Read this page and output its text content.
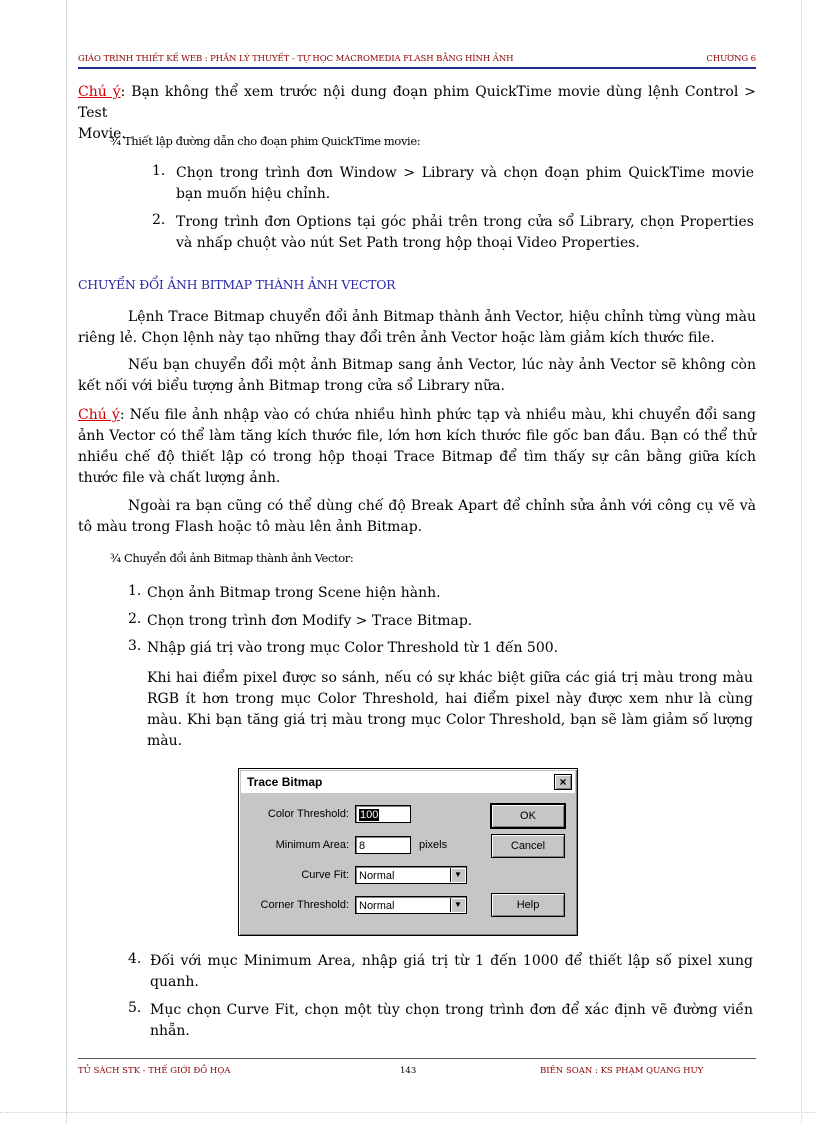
GIÁO TRÌNH THIẾT KẾ WEB : PHẦN LÝ THUYẾT - TỰ HỌC MACROMEDIA FLASH BẰNG HÌNH ẢNH	CHƯƠNG 6
Chú ý: Bạn không thể xem trước nội dung đoạn phim QuickTime movie dùng lệnh Control > Test
Movie.
¾ Thiết lập đường dẫn cho đoạn phim QuickTime movie:
1. Chọn trong trình đơn Window > Library và chọn đoạn phim QuickTime movie bạn muốn hiệu chỉnh.
2. Trong trình đơn Options tại góc phải trên trong cửa sổ Library, chọn Properties và nhấp chuột vào nút Set Path trong hộp thoại Video Properties.
CHUYỂN ĐỔI ẢNH BITMAP THÀNH ẢNH VECTOR
Lệnh Trace Bitmap chuyển đổi ảnh Bitmap thành ảnh Vector, hiệu chỉnh từng vùng màu riêng lẻ. Chọn lệnh này tạo những thay đổi trên ảnh Vector hoặc làm giảm kích thước file.
Nếu bạn chuyển đổi một ảnh Bitmap sang ảnh Vector, lúc này ảnh Vector sẽ không còn kết nối với biểu tượng ảnh Bitmap trong cửa sổ Library nữa.
Chú ý: Nếu file ảnh nhập vào có chứa nhiều hình phức tạp và nhiều màu, khi chuyển đổi sang ảnh Vector có thể làm tăng kích thước file, lớn hơn kích thước file gốc ban đầu. Bạn có thể thử nhiều chế độ thiết lập có trong hộp thoại Trace Bitmap để tìm thấy sự cân bằng giữa kích thước file và chất lượng ảnh.
Ngoài ra bạn cũng có thể dùng chế độ Break Apart để chỉnh sửa ảnh với công cụ vẽ và tô màu trong Flash hoặc tô màu lên ảnh Bitmap.
¾ Chuyển đổi ảnh Bitmap thành ảnh Vector:
1. Chọn ảnh Bitmap trong Scene hiện hành.
2. Chọn trong trình đơn Modify > Trace Bitmap.
3. Nhập giá trị vào trong mục Color Threshold từ 1 đến 500.
Khi hai điểm pixel được so sánh, nếu có sự khác biệt giữa các giá trị màu trong màu RGB ít hơn trong mục Color Threshold, hai điểm pixel này được xem như là cùng màu. Khi bạn tăng giá trị màu trong mục Color Threshold, bạn sẽ làm giảm số lượng màu.
Trace Bitmap	×
Color Threshold:	100
Minimum Area: 8	pixels
Curve Fit: Normal	▼
Corner Threshold: Normal	▼
OK
Cancel
Help
4. Đối với mục Minimum Area, nhập giá trị từ 1 đến 1000 để thiết lập số pixel xung quanh.
5. Mục chọn Curve Fit, chọn một tùy chọn trong trình đơn để xác định vẽ đường viền nhẵn.
TỦ SÁCH STK - THẾ GIỚI ĐỒ HỌA	143	BIÊN SOẠN : KS PHẠM QUANG HUY
